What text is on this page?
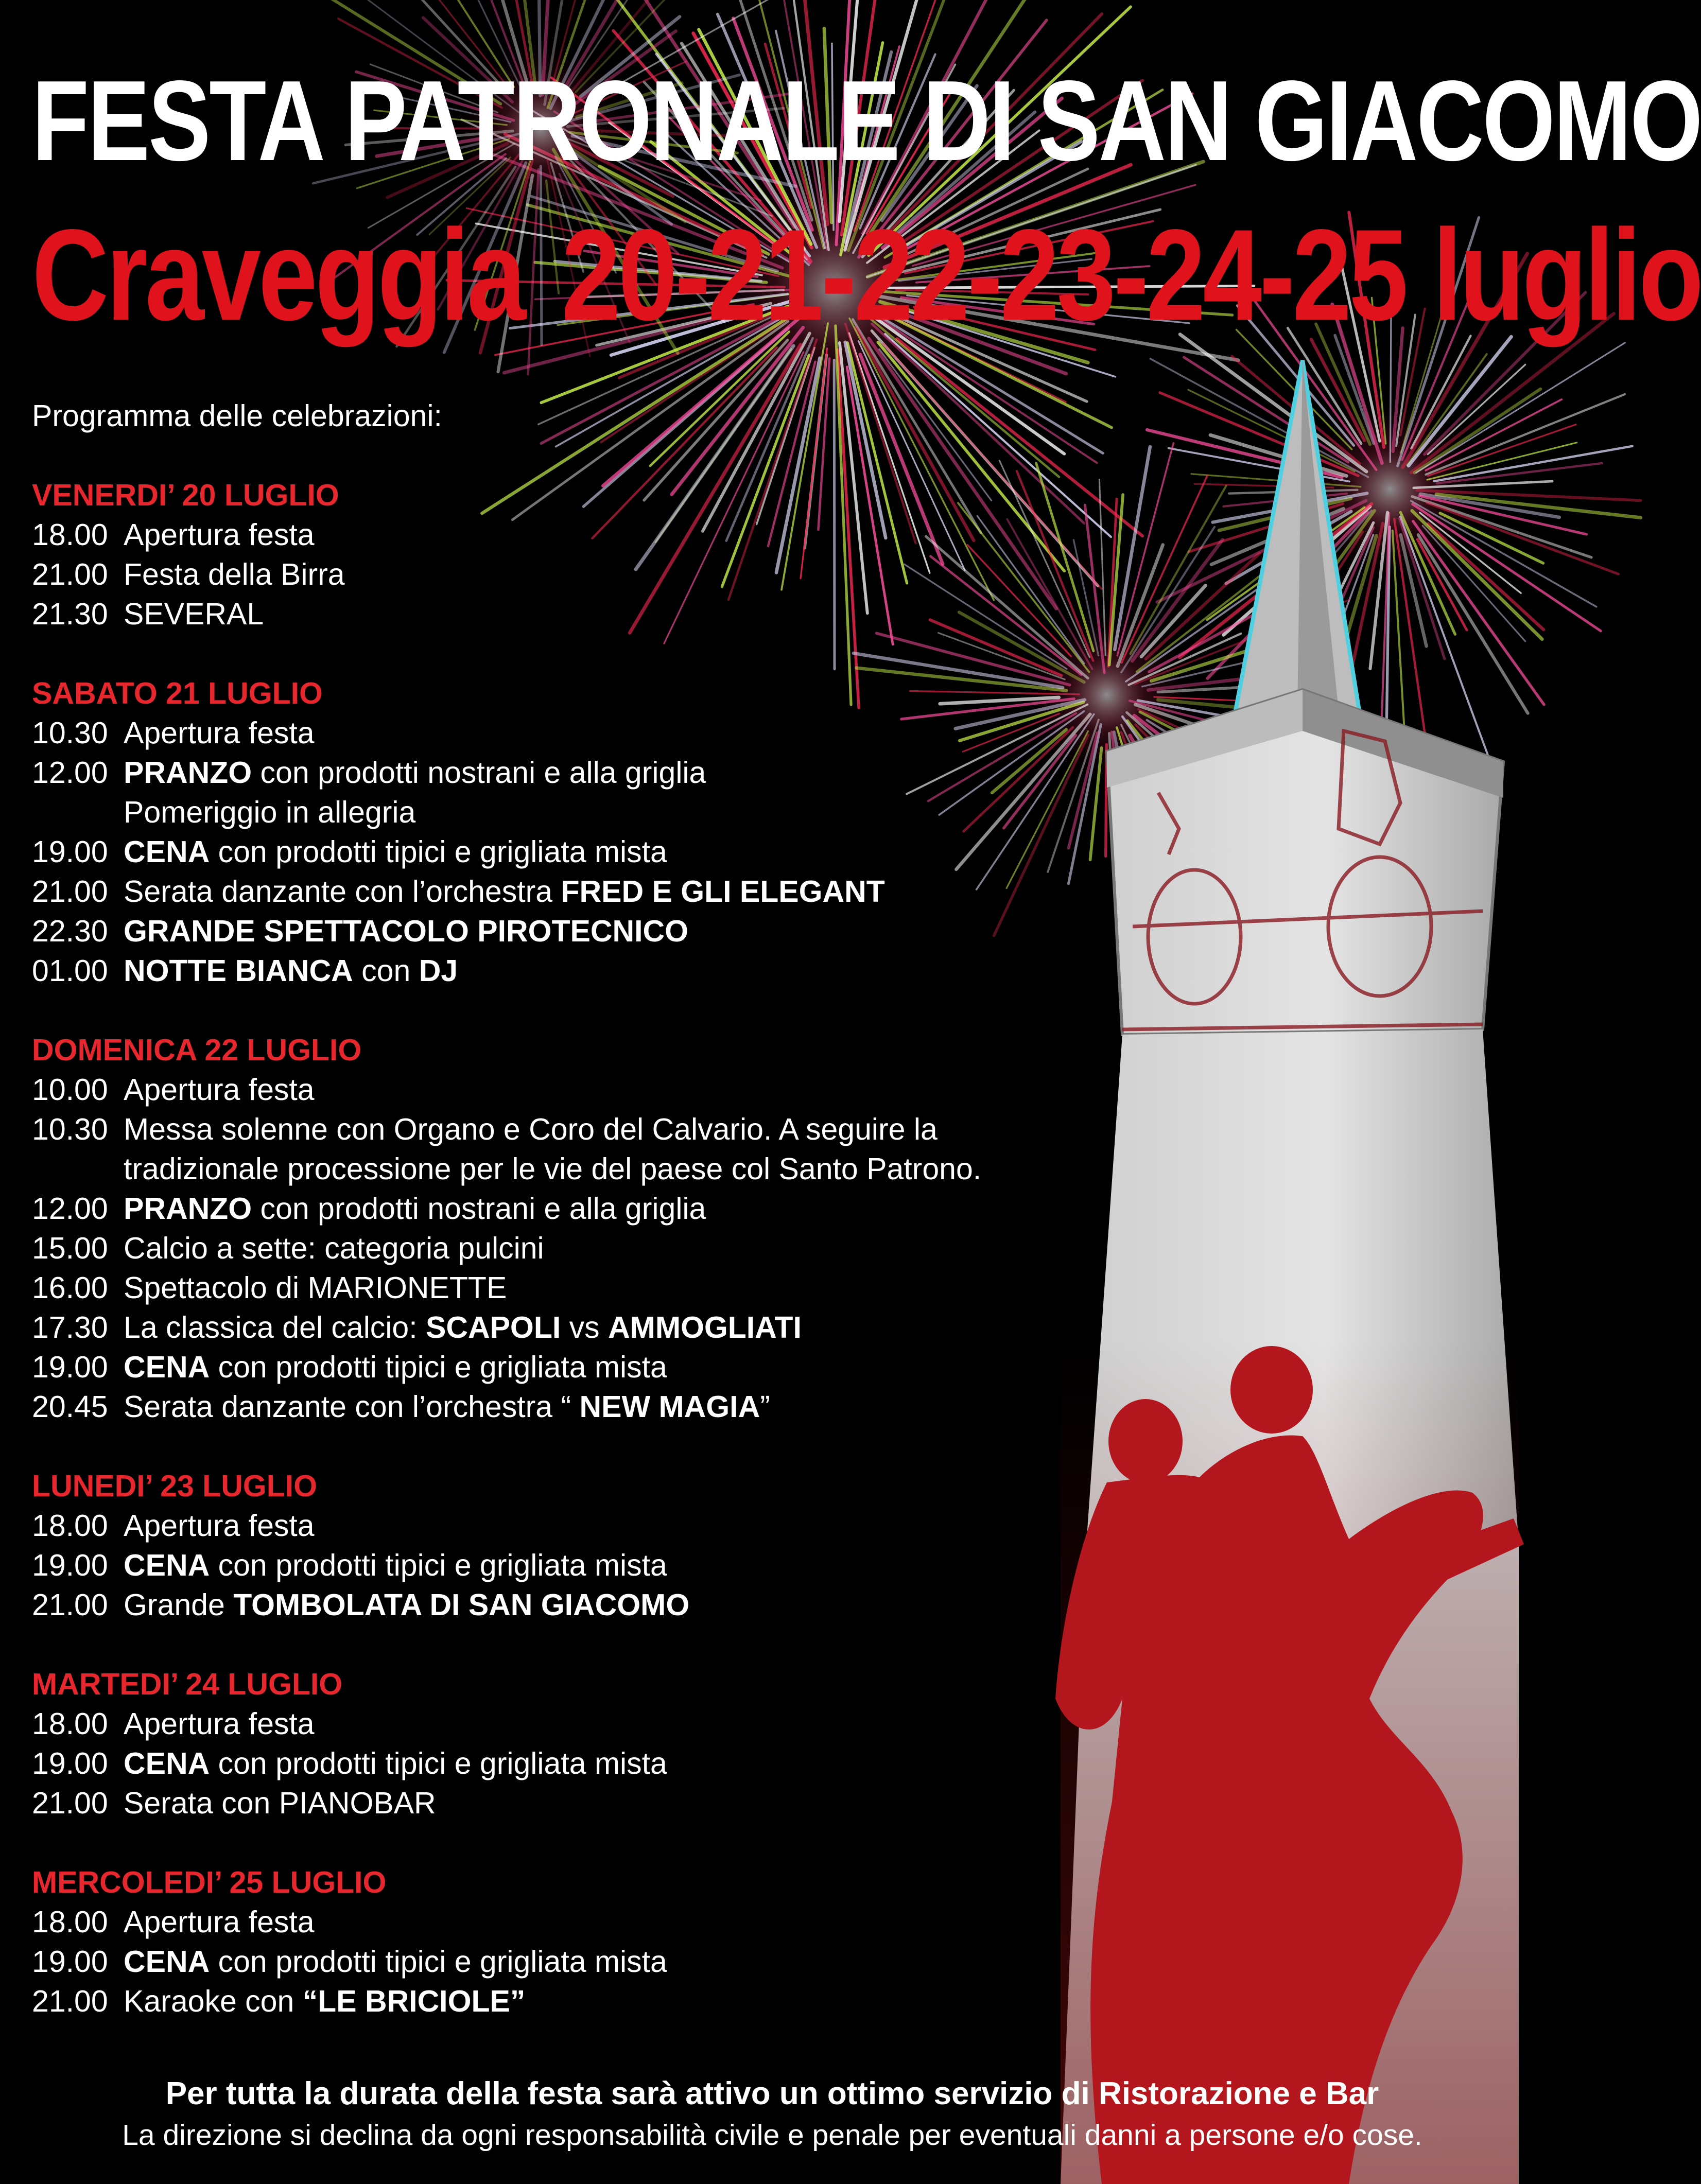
FESTA PATRONALE DI SAN GIACOMO
Craveggia 20-21-22-23-24-25 luglio
Programma delle celebrazioni:
VENERDI’ 20 LUGLIO
18.00 Apertura festa
21.00 Festa della Birra
21.30 SEVERAL
SABATO 21 LUGLIO
10.30 Apertura festa
12.00 PRANZO con prodotti nostrani e alla griglia
Pomeriggio in allegria
19.00 CENA con prodotti tipici e grigliata mista
21.00 Serata danzante con l’orchestra FRED E GLI ELEGANT
22.30 GRANDE SPETTACOLO PIROTECNICO
01.00 NOTTE BIANCA con DJ
DOMENICA 22 LUGLIO
10.00 Apertura festa
10.30 Messa solenne con Organo e Coro del Calvario. A seguire la
tradizionale processione per le vie del paese col Santo Patrono.
12.00 PRANZO con prodotti nostrani e alla griglia
15.00 Calcio a sette: categoria pulcini
16.00 Spettacolo di MARIONETTE
17.30 La classica del calcio: SCAPOLI vs AMMOGLIATI
19.00 CENA con prodotti tipici e grigliata mista
20.45 Serata danzante con l’orchestra “ NEW MAGIA”
LUNEDI’ 23 LUGLIO
18.00 Apertura festa
19.00 CENA con prodotti tipici e grigliata mista
21.00 Grande TOMBOLATA DI SAN GIACOMO
MARTEDI’ 24 LUGLIO
18.00 Apertura festa
19.00 CENA con prodotti tipici e grigliata mista
21.00 Serata con PIANOBAR
MERCOLEDI’ 25 LUGLIO
18.00 Apertura festa
19.00 CENA con prodotti tipici e grigliata mista
21.00 Karaoke con “LE BRICIOLE”
Per tutta la durata della festa sarà attivo un ottimo servizio di Ristorazione e Bar
La direzione si declina da ogni responsabilità civile e penale per eventuali danni a persone e/o cose.
